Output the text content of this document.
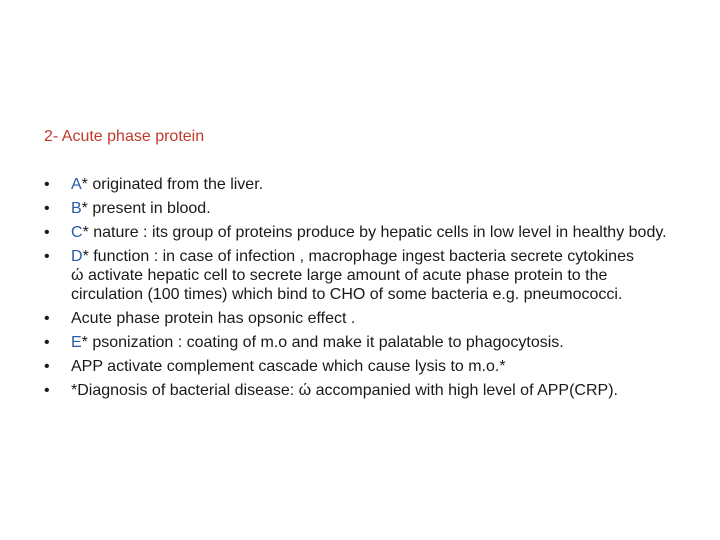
2- Acute phase protein
•	A* originated from the liver.
•	B* present in blood.
•	C* nature : its group of proteins produce by hepatic cells in low level in healthy body.
•	D* function : in case of infection , macrophage ingest bacteria secrete cytokinesώ activate hepatic cell to secrete large amount of acute phase protein to the circulation (100 times) which bind to CHO of some bacteria e.g. pneumococci.
•	Acute phase protein has opsonic effect .
•	E* psonization : coating of m.o and make it palatable to phagocytosis.
•	APP activate complement cascade which cause lysis to m.o.*
•	*Diagnosis of bacterial disease: ώ accompanied with high level of APP(CRP).
